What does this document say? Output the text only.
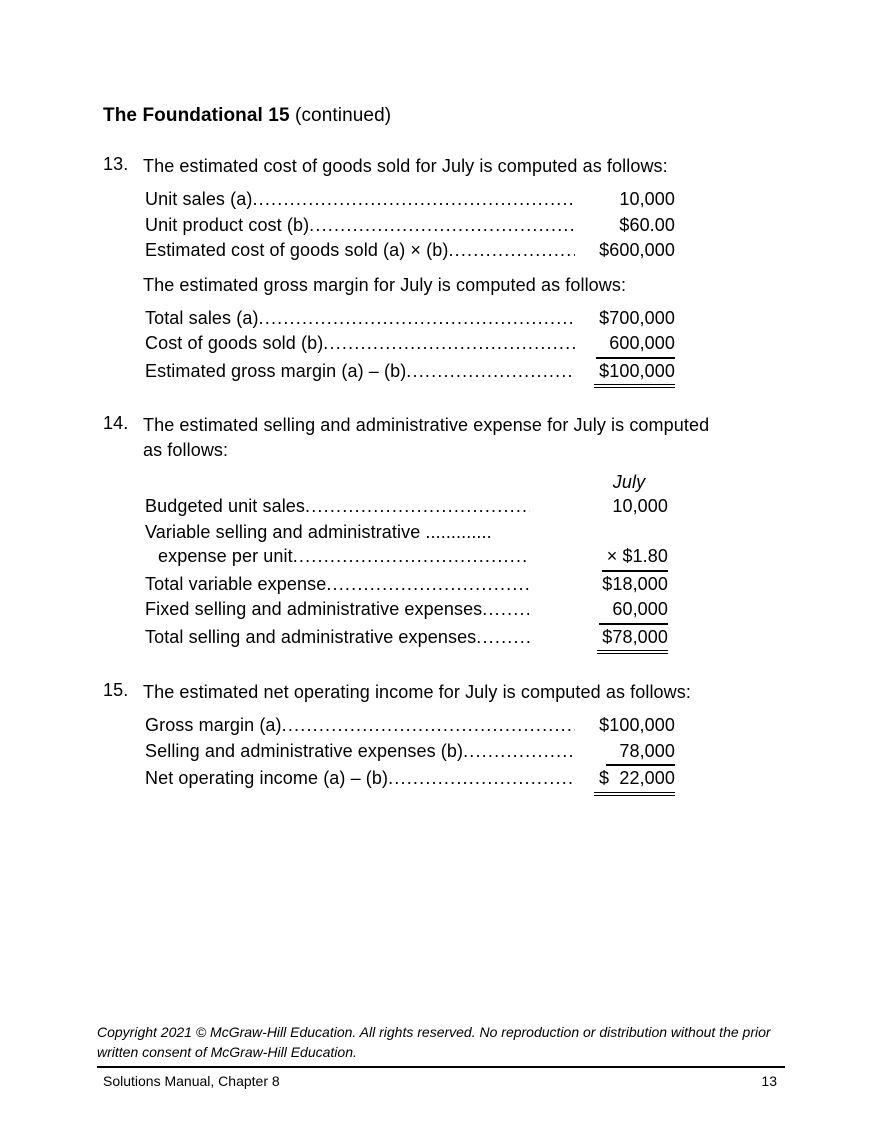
The Foundational 15 (continued)
13. The estimated cost of goods sold for July is computed as follows:
Unit sales (a) .....	10,000
Unit product cost (b) .....	$60.00
Estimated cost of goods sold (a) × (b) .....	$600,000
The estimated gross margin for July is computed as follows:
Total sales (a) .....	$700,000
Cost of goods sold (b) .....	600,000
Estimated gross margin (a) – (b) .....	$100,000
14. The estimated selling and administrative expense for July is computed
as follows:
July
Budgeted unit sales .....	10,000
Variable selling and administrative .............
expense per unit .....	× $1.80
Total variable expense .....	$18,000
Fixed selling and administrative expenses .....	60,000
Total selling and administrative expenses .....	$78,000
15. The estimated net operating income for July is computed as follows:
Gross margin (a) .....	$100,000
Selling and administrative expenses (b) .....	78,000
Net operating income (a) – (b) .....	$  22,000
Copyright 2021 © McGraw-Hill Education. All rights reserved. No reproduction or distribution without the prior
written consent of McGraw-Hill Education.
Solutions Manual, Chapter 8	13
